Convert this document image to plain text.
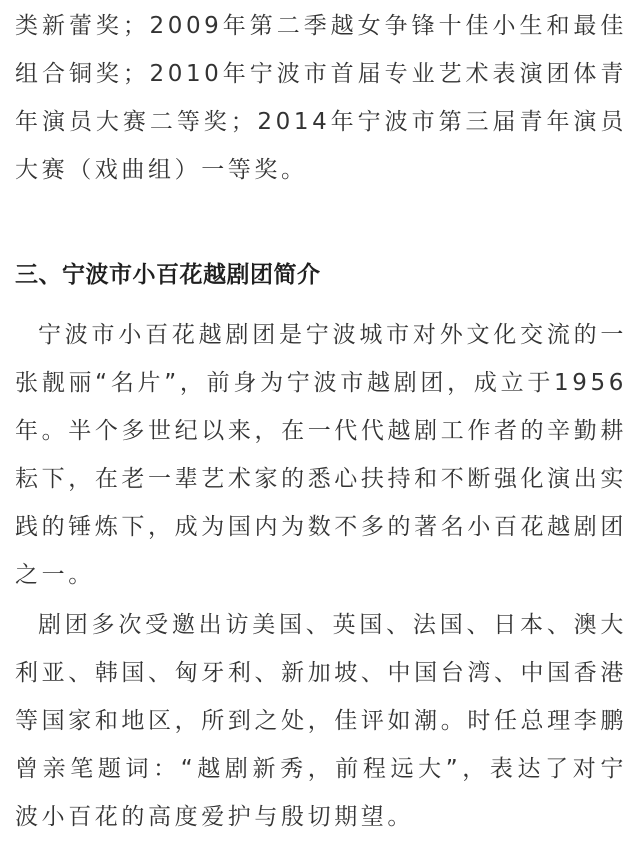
类新蕾奖；2009年第二季越女争锋十佳小生和最佳组合铜奖；2010年宁波市首届专业艺术表演团体青年演员大赛二等奖；2014年宁波市第三届青年演员大赛（戏曲组）一等奖。

三、宁波市小百花越剧团简介

宁波市小百花越剧团是宁波城市对外文化交流的一张靓丽“名片”，前身为宁波市越剧团，成立于1956年。半个多世纪以来，在一代代越剧工作者的辛勤耕耘下，在老一辈艺术家的悉心扶持和不断强化演出实践的锤炼下，成为国内为数不多的著名小百花越剧团之一。

剧团多次受邀出访美国、英国、法国、日本、澳大利亚、韩国、匈牙利、新加坡、中国台湾、中国香港等国家和地区，所到之处，佳评如潮。时任总理李鹏曾亲笔题词：“越剧新秀，前程远大”，表达了对宁波小百花的高度爱护与殷切期望。
